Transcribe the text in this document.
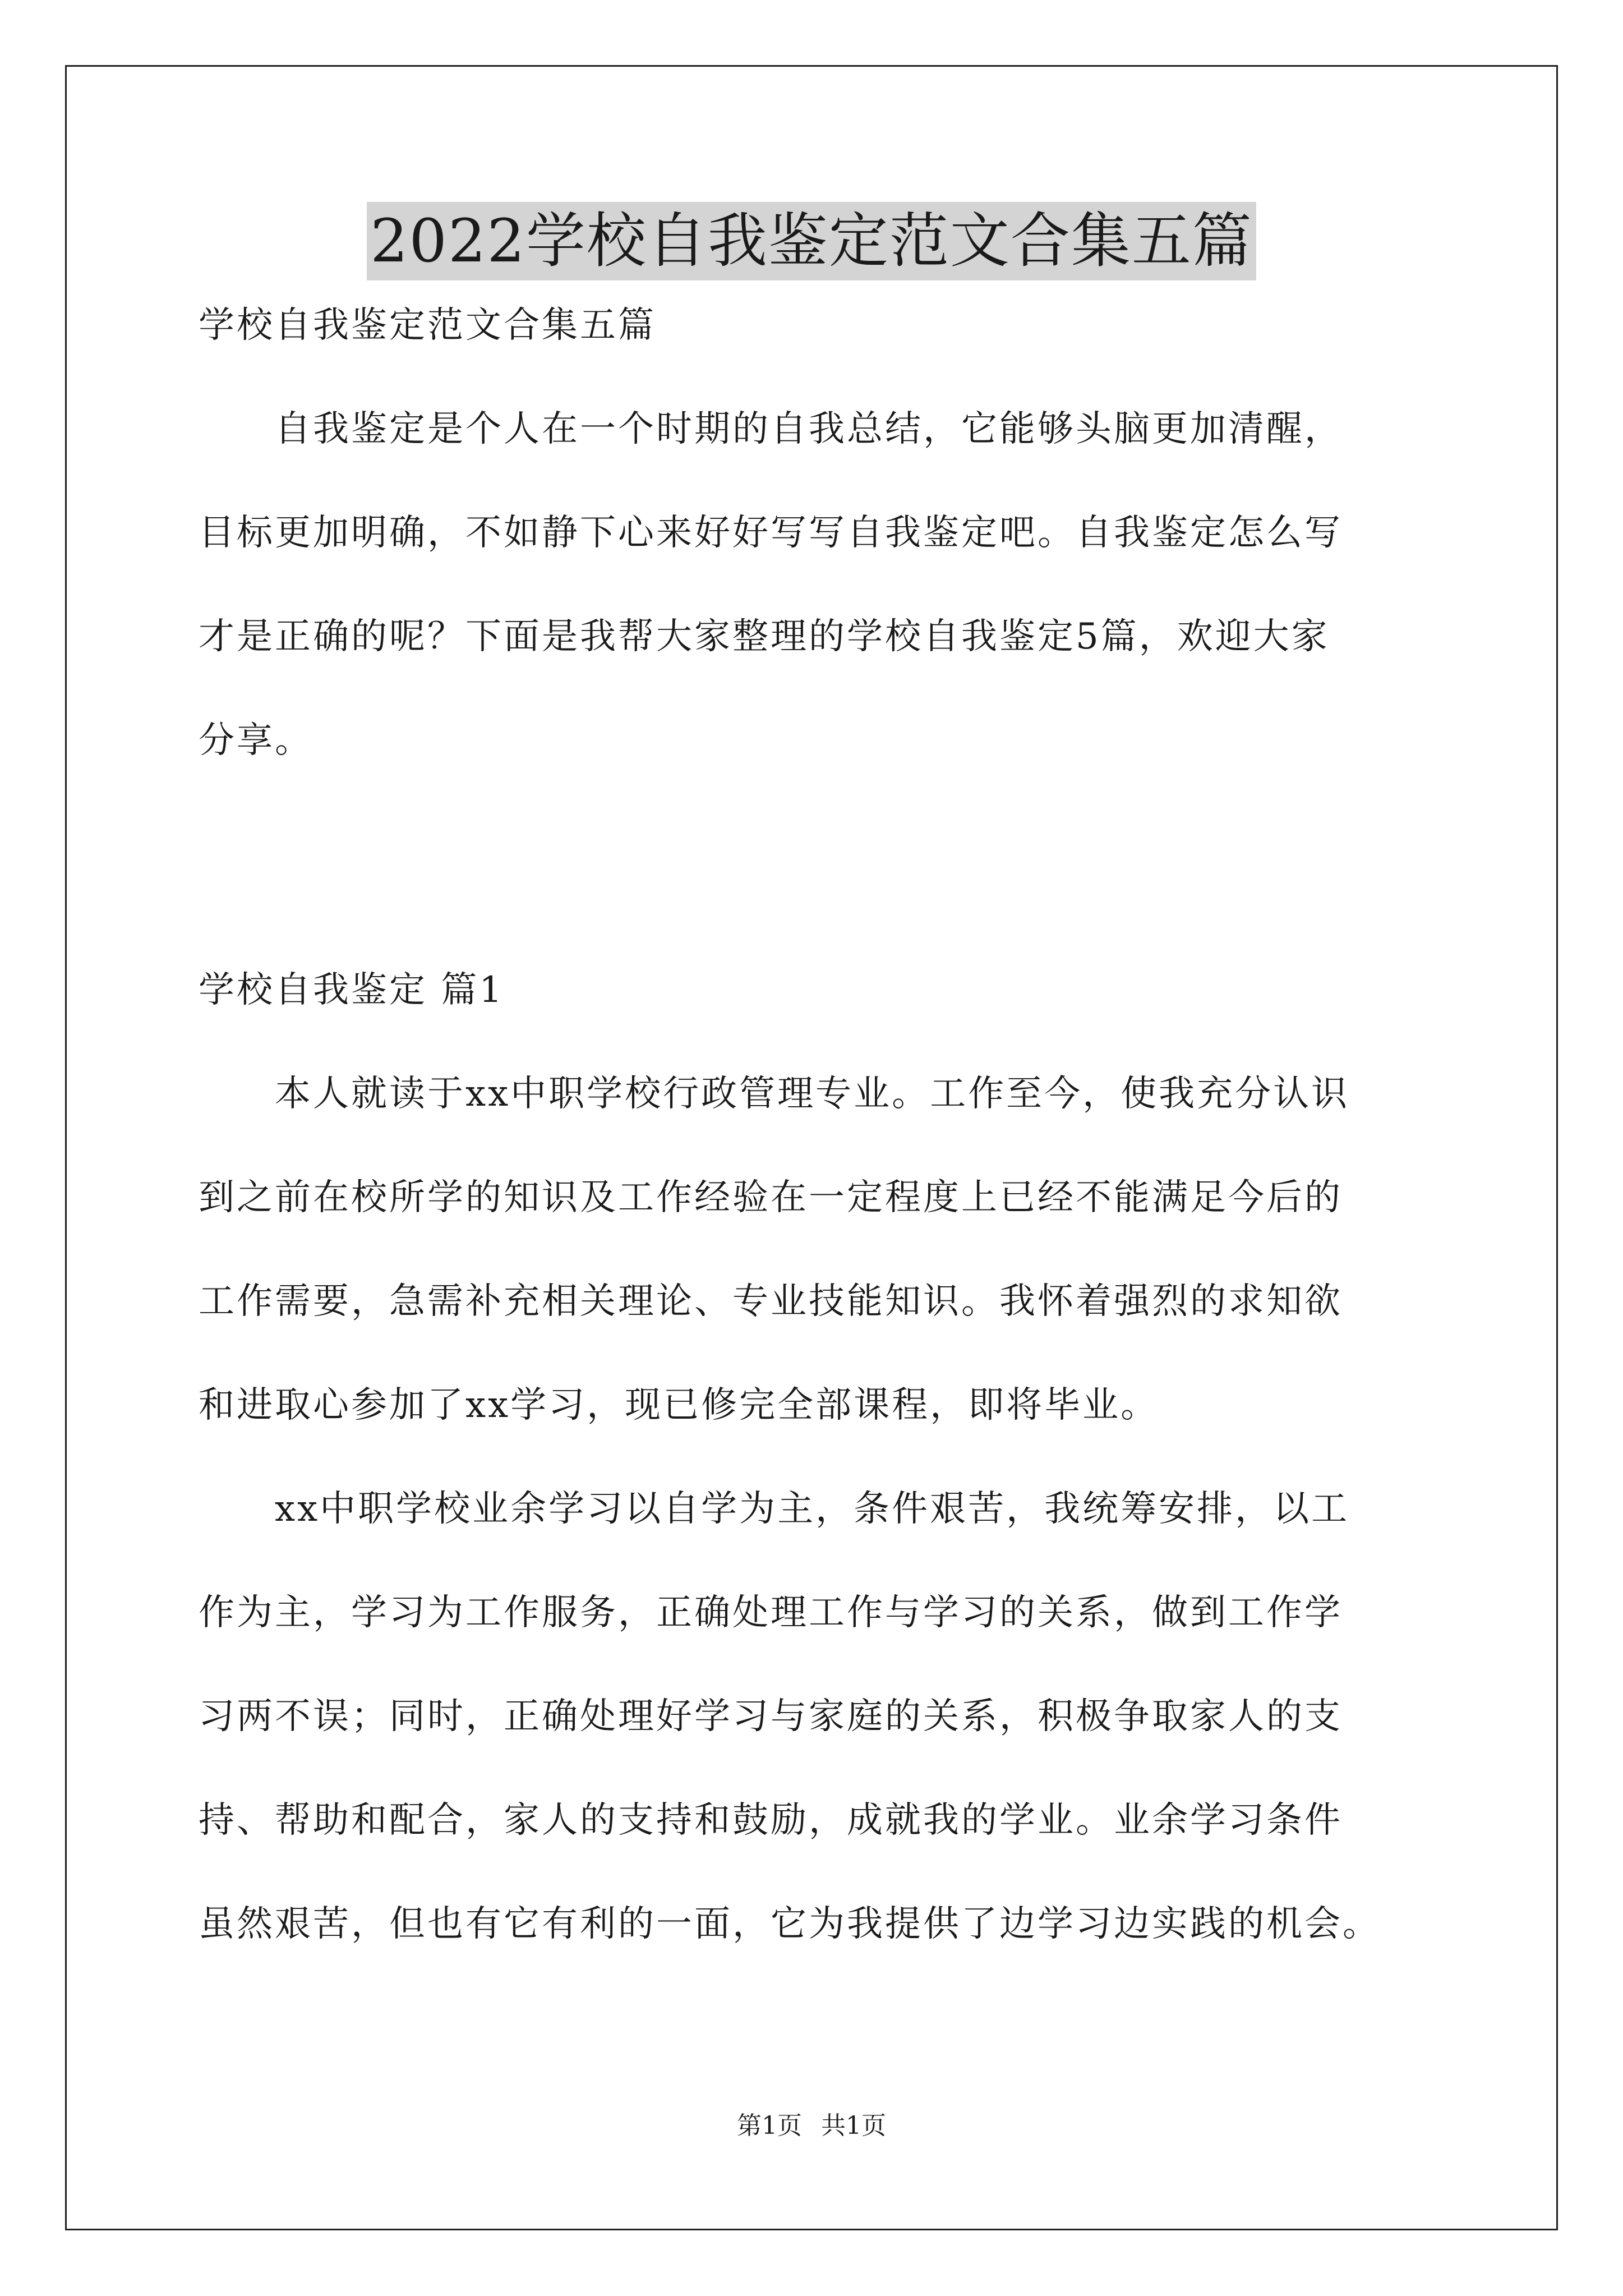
2022学校自我鉴定范文合集五篇
学校自我鉴定范文合集五篇
　　自我鉴定是个人在一个时期的自我总结，它能够头脑更加清醒，
目标更加明确，不如静下心来好好写写自我鉴定吧。自我鉴定怎么写
才是正确的呢？下面是我帮大家整理的学校自我鉴定5篇，欢迎大家
分享。
学校自我鉴定 篇1
　　本人就读于xx中职学校行政管理专业。工作至今，使我充分认识
到之前在校所学的知识及工作经验在一定程度上已经不能满足今后的
工作需要，急需补充相关理论、专业技能知识。我怀着强烈的求知欲
和进取心参加了xx学习，现已修完全部课程，即将毕业。
　　xx中职学校业余学习以自学为主，条件艰苦，我统筹安排，以工
作为主，学习为工作服务，正确处理工作与学习的关系，做到工作学
习两不误；同时，正确处理好学习与家庭的关系，积极争取家人的支
持、帮助和配合，家人的支持和鼓励，成就我的学业。业余学习条件
虽然艰苦，但也有它有利的一面，它为我提供了边学习边实践的机会。
第1页 共1页
